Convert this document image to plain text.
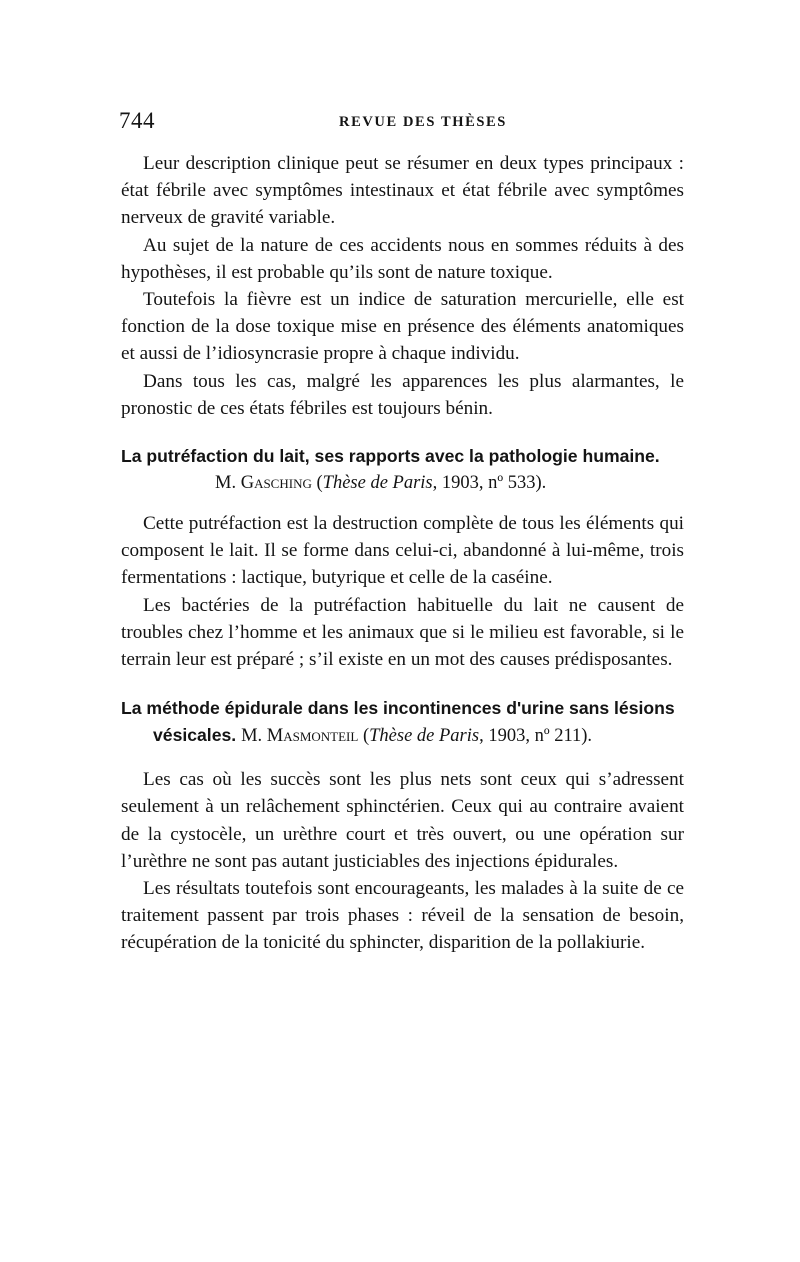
744	REVUE DES THÈSES

Leur description clinique peut se résumer en deux types principaux : état fébrile avec symptômes intestinaux et état fébrile avec symptômes nerveux de gravité variable.

Au sujet de la nature de ces accidents nous en sommes réduits à des hypothèses, il est probable qu’ils sont de nature toxique.

Toutefois la fièvre est un indice de saturation mercurielle, elle est fonction de la dose toxique mise en présence des éléments anatomiques et aussi de l’idiosyncrasie propre à chaque individu.

Dans tous les cas, malgré les apparences les plus alarmantes, le pronostic de ces états fébriles est toujours bénin.

La putréfaction du lait, ses rapports avec la pathologie humaine.

M. Gasching (Thèse de Paris, 1903, nº 533).

Cette putréfaction est la destruction complète de tous les éléments qui composent le lait. Il se forme dans celui-ci, abandonné à lui-même, trois fermentations : lactique, butyrique et celle de la caséine.

Les bactéries de la putréfaction habituelle du lait ne causent de troubles chez l’homme et les animaux que si le milieu est favorable, si le terrain leur est préparé ; s’il existe en un mot des causes prédisposantes.

La méthode épidurale dans les incontinences d'urine sans lésions

vésicales. M. Masmonteil (Thèse de Paris, 1903, nº 211).

Les cas où les succès sont les plus nets sont ceux qui s’adressent seulement à un relâchement sphinctérien. Ceux qui au contraire avaient de la cystocèle, un urèthre court et très ouvert, ou une opération sur l’urèthre ne sont pas autant justiciables des injections épidurales.

Les résultats toutefois sont encourageants, les malades à la suite de ce traitement passent par trois phases : réveil de la sensation de besoin, récupération de la tonicité du sphincter, disparition de la pollakiurie.
